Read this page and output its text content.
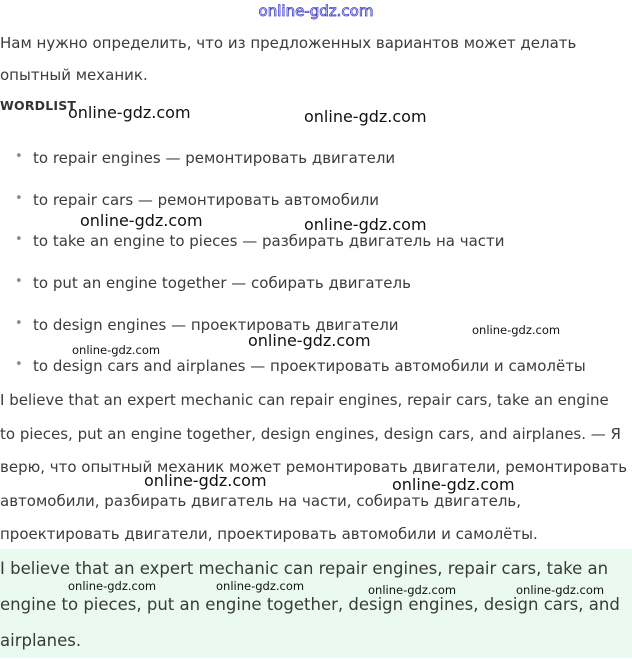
online-gdz.com
Нам нужно определить, что из предложенных вариантов может делать опытный механик.
WORDLIST
• to repair engines — ремонтировать двигатели
• to repair cars — ремонтировать автомобили
• to take an engine to pieces — разбирать двигатель на части
• to put an engine together — собирать двигатель
• to design engines — проектировать двигатели
• to design cars and airplanes — проектировать автомобили и самолёты
I believe that an expert mechanic can repair engines, repair cars, take an engine to pieces, put an engine together, design engines, design cars, and airplanes. — Я верю, что опытный механик может ремонтировать двигатели, ремонтировать автомобили, разбирать двигатель на части, собирать двигатель, проектировать двигатели, проектировать автомобили и самолёты.
I believe that an expert mechanic can repair engines, repair cars, take an engine to pieces, put an engine together, design engines, design cars, and airplanes.
online-gdz.com	online-gdz.com
online-gdz.com	online-gdz.com
online-gdz.com
online-gdz.com
online-gdz.com
online-gdz.com	online-gdz.com
online-gdz.com	online-gdz.com	online-gdz.com	online-gdz.com
